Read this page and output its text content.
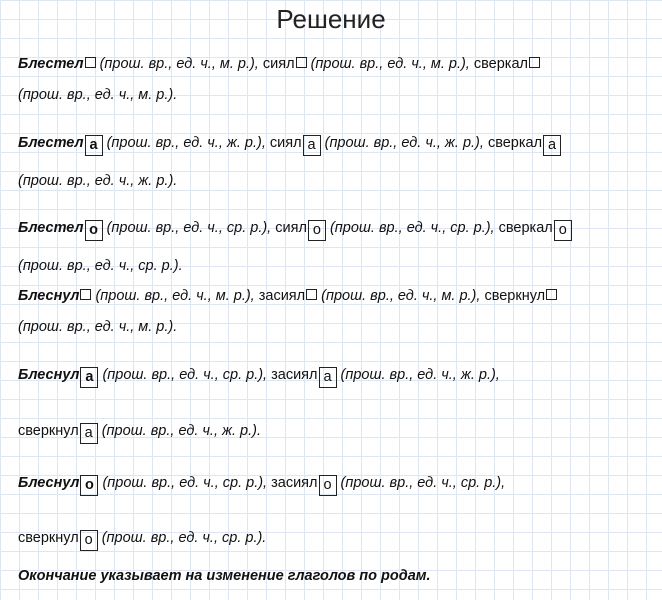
Решение
Блестел (прош. вр., ед. ч., м. р.), сиял (прош. вр., ед. ч., м. р.), сверкал
(прош. вр., ед. ч., м. р.).
Блестел а (прош. вр., ед. ч., ж. р.), сиял а (прош. вр., ед. ч., ж. р.), сверкал а
(прош. вр., ед. ч., ж. р.).
Блестел о (прош. вр., ед. ч., ср. р.), сиял о (прош. вр., ед. ч., ср. р.), сверкал о
(прош. вр., ед. ч., ср. р.).
Блеснул (прош. вр., ед. ч., м. р.), засиял (прош. вр., ед. ч., м. р.), сверкнул
(прош. вр., ед. ч., м. р.).
Блеснул а (прош. вр., ед. ч., ср. р.), засиял а (прош. вр., ед. ч., ж. р.),
сверкнул а (прош. вр., ед. ч., ж. р.).
Блеснул о (прош. вр., ед. ч., ср. р.), засиял о (прош. вр., ед. ч., ср. р.),
сверкнул о (прош. вр., ед. ч., ср. р.).
Окончание указывает на изменение глаголов по родам.
